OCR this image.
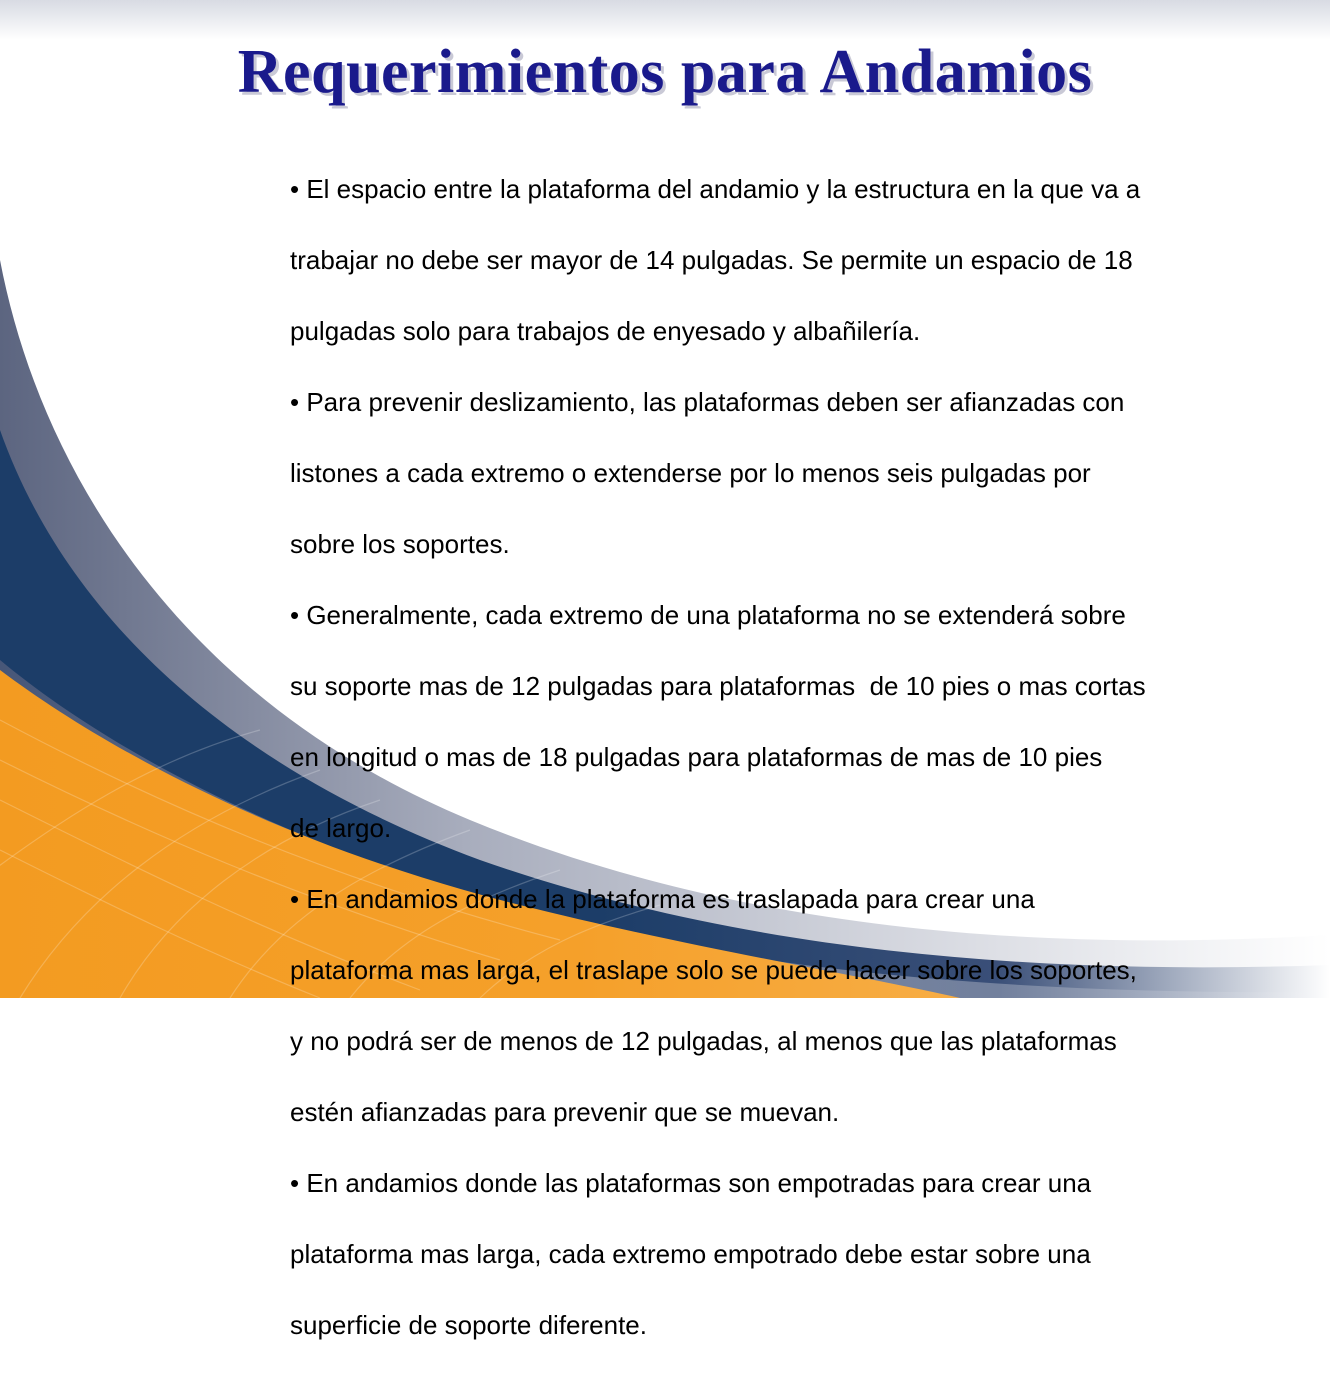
Requerimientos para Andamios

• El espacio entre la plataforma del andamio y la estructura en la que va a

trabajar no debe ser mayor de 14 pulgadas. Se permite un espacio de 18

pulgadas solo para trabajos de enyesado y albañilería.

• Para prevenir deslizamiento, las plataformas deben ser afianzadas con

listones a cada extremo o extenderse por lo menos seis pulgadas por

sobre los soportes.

• Generalmente, cada extremo de una plataforma no se extenderá sobre

su soporte mas de 12 pulgadas para plataformas  de 10 pies o mas cortas

en longitud o mas de 18 pulgadas para plataformas de mas de 10 pies

de largo.

• En andamios donde la plataforma es traslapada para crear una

plataforma mas larga, el traslape solo se puede hacer sobre los soportes,

y no podrá ser de menos de 12 pulgadas, al menos que las plataformas

estén afianzadas para prevenir que se muevan.

• En andamios donde las plataformas son empotradas para crear una

plataforma mas larga, cada extremo empotrado debe estar sobre una

superficie de soporte diferente.
